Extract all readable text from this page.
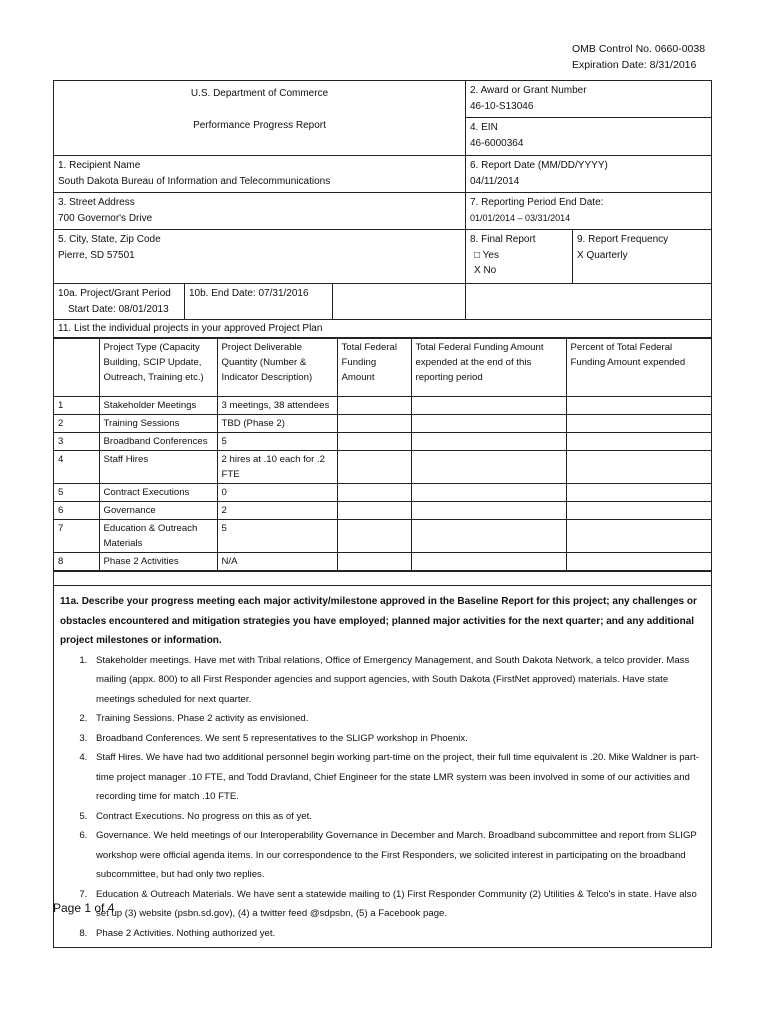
OMB Control No. 0660-0038
Expiration Date: 8/31/2016
U.S. Department of Commerce
Performance Progress Report
2. Award or Grant Number
46-10-S13046
4. EIN
46-6000364
1. Recipient Name
South Dakota Bureau of Information and Telecommunications
6. Report Date (MM/DD/YYYY)
04/11/2014
3. Street Address
700 Governor's Drive
7. Reporting Period End Date:
01/01/2014 – 03/31/2014
5. City, State, Zip Code
Pierre, SD 57501
8. Final Report
□ Yes
X No
9. Report Frequency
X Quarterly
10a. Project/Grant Period
Start Date: 08/01/2013
10b. End Date: 07/31/2016
11. List the individual projects in your approved Project Plan
	Project Type (Capacity Building, SCIP Update, Outreach, Training etc.)	Project Deliverable Quantity (Number & Indicator Description)	Total Federal Funding Amount	Total Federal Funding Amount expended at the end of this reporting period	Percent of Total Federal Funding Amount expended
1	Stakeholder Meetings	3 meetings, 38 attendees			
2	Training Sessions	TBD (Phase 2)			
3	Broadband Conferences	5			
4	Staff Hires	2 hires at .10 each for .2 FTE			
5	Contract Executions	0			
6	Governance	2			
7	Education & Outreach Materials	5			
8	Phase 2 Activities	N/A			
11a. Describe your progress meeting each major activity/milestone approved in the Baseline Report for this project; any challenges or obstacles encountered and mitigation strategies you have employed; planned major activities for the next quarter; and any additional project milestones or information.
1. Stakeholder meetings. Have met with Tribal relations, Office of Emergency Management, and South Dakota Network, a telco provider. Mass mailing (appx. 800) to all First Responder agencies and support agencies, with South Dakota (FirstNet approved) materials. Have state meetings scheduled for next quarter.
2. Training Sessions. Phase 2 activity as envisioned.
3. Broadband Conferences. We sent 5 representatives to the SLIGP workshop in Phoenix.
4. Staff Hires. We have had two additional personnel begin working part-time on the project, their full time equivalent is .20. Mike Waldner is part-time project manager .10 FTE, and Todd Dravland, Chief Engineer for the state LMR system was been involved in some of our activities and recording time for match .10 FTE.
5. Contract Executions. No progress on this as of yet.
6. Governance. We held meetings of our Interoperability Governance in December and March. Broadband subcommittee and report from SLIGP workshop were official agenda items. In our correspondence to the First Responders, we solicited interest in participating on the broadband subcommittee, but had only two replies.
7. Education & Outreach Materials. We have sent a statewide mailing to (1) First Responder Community (2) Utilities & Telco's in state. Have also set up (3) website (psbn.sd.gov), (4) a twitter feed @sdpsbn, (5) a Facebook page.
8. Phase 2 Activities. Nothing authorized yet.
Page 1 of 4
